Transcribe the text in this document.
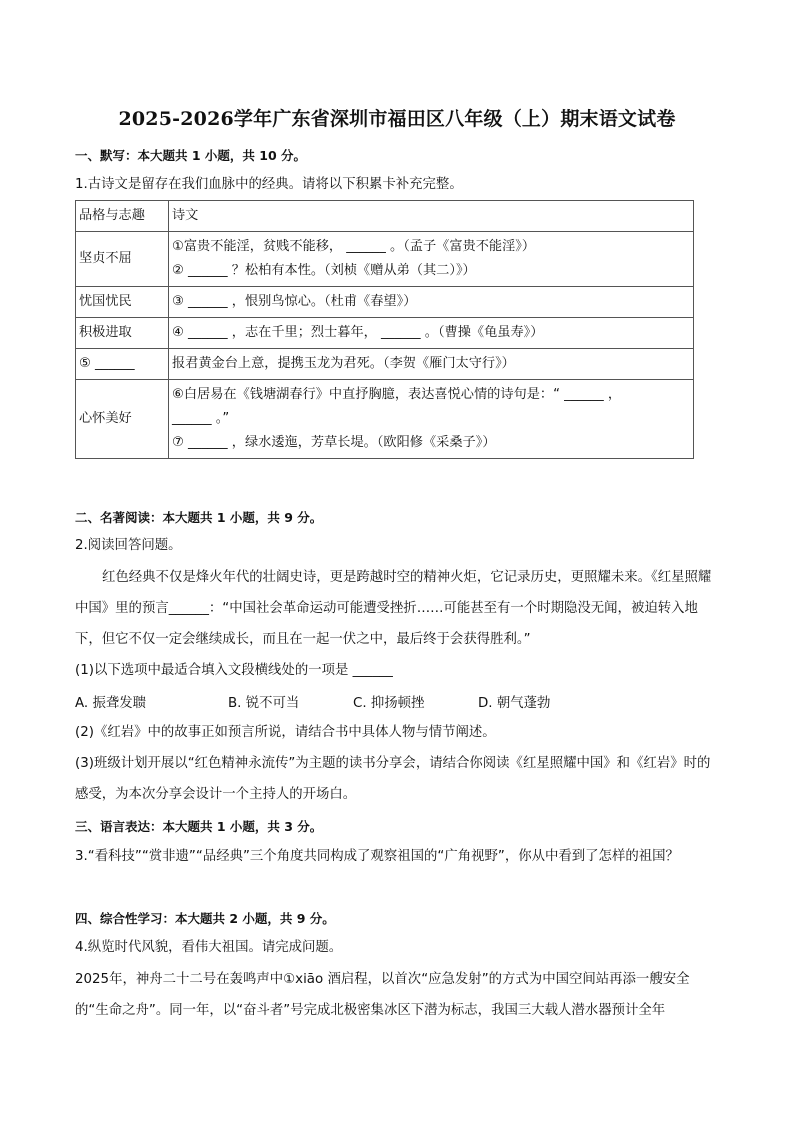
2025-2026学年广东省深圳市福田区八年级（上）期末语文试卷
一、默写：本大题共 1 小题，共 10 分。
1.古诗文是留存在我们血脉中的经典。请将以下积累卡补充完整。
品格与志趣	诗文
坚贞不屈	①富贵不能淫，贫贱不能移， ______ 。（孟子《富贵不能淫》）
② ______ ？松柏有本性。（刘桢《赠从弟（其二）》）

忧国忧民	③ ______ ，恨别鸟惊心。（杜甫《春望》）

积极进取	④ ______ ，志在千里；烈士暮年， ______ 。（曹操《龟虽寿》）

⑤ ______	报君黄金台上意，提携玉龙为君死。（李贺《雁门太守行》）

心怀美好	⑥白居易在《钱塘湖春行》中直抒胸臆，表达喜悦心情的诗句是：“ ______ ，
______ 。”
⑦ ______ ，绿水逶迤，芳草长堤。（欧阳修《采桑子》）
二、名著阅读：本大题共 1 小题，共 9 分。
2.阅读回答问题。
红色经典不仅是烽火年代的壮阔史诗，更是跨越时空的精神火炬，它记录历史，更照耀未来。《红星照耀中国》里的预言______：“中国社会革命运动可能遭受挫折……可能甚至有一个时期隐没无闻，被迫转入地下，但它不仅一定会继续成长，而且在一起一伏之中，最后终于会获得胜利。”
(1)以下选项中最适合填入文段横线处的一项是 ______
A. 振聋发聩	B. 锐不可当	C. 抑扬顿挫	D. 朝气蓬勃
(2)《红岩》中的故事正如预言所说，请结合书中具体人物与情节阐述。
(3)班级计划开展以“红色精神永流传”为主题的读书分享会，请结合你阅读《红星照耀中国》和《红岩》时的感受，为本次分享会设计一个主持人的开场白。
三、语言表达：本大题共 1 小题，共 3 分。
3.“看科技”“赏非遗”“品经典”三个角度共同构成了观察祖国的“广角视野”，你从中看到了怎样的祖国？
四、综合性学习：本大题共 2 小题，共 9 分。
4.纵览时代风貌，看伟大祖国。请完成问题。
2025年，神舟二十二号在轰鸣声中①xiāo 酒启程，以首次“应急发射”的方式为中国空间站再添一艘安全的“生命之舟”。同一年，以“奋斗者”号完成北极密集冰区下潜为标志，我国三大载人潜水器预计全年
